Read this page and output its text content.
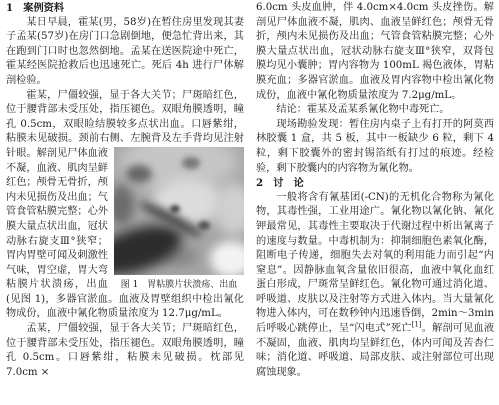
1　案例资料

某日早晨，霍某(男，58岁)在暂住房里发现其妻子孟某(57岁)在房门口急剧倒地，便急忙背出来，其在跑到门口时也忽然倒地。孟某在送医院途中死亡，霍某经医院抢救后也迅速死亡。死后 4h 进行尸体解剖检验。

图 1　胃粘膜片状溃疡、出血

霍某，尸僵较强，显于各大关节；尸斑暗红色，位于腰背部未受压处，指压褪色。双眼角膜透明，瞳孔 0.5cm，双眼睑结膜较多点状出血。口唇紫绀，粘膜未见破损。颈前右侧、左腕背及左手背均见注射针眼。解剖见尸体血液不凝，血液、肌肉呈鲜红色；颅骨无骨折，颅内未见损伤及出血；气管食管粘膜完整；心外膜大量点状出血，冠状动脉右旋支Ⅲ°狭窄；胃内胃壁可闻及刺激性气味，胃空虚，胃大弯粘膜片状溃疡，出血(见图 1)，多器官淤血。血液及胃壁组织中检出氰化物成份，血液中氰化物质量浓度为 12.7μg/mL。

孟某，尸僵较强，显于各大关节；尸斑暗红色，位于腰背部未受压处，指压褪色。双眼角膜透明，瞳孔 0.5cm。口唇紫绀，粘膜未见破损。枕部见 7.0cm ×

6.0cm 头皮血肿，伴 4.0cm×4.0cm 头皮挫伤。解剖见尸体血液不凝，肌肉、血液呈鲜红色；颅骨无骨折，颅内未见损伤及出血；气管食管粘膜完整；心外膜大量点状出血，冠状动脉右旋支Ⅲ°狭窄，双肾包膜均见小囊肿；胃内容物为 100mL 褐色液体，胃粘膜充血；多器官淤血。血液及胃内容物中检出氰化物成份，血液中氰化物质量浓度为 7.2μg/mL。

结论：霍某及孟某系氰化物中毒死亡。

现场勘验发现：暂住房内桌子上有打开的阿莫西林胶囊 1 盒，共 5 板，其中一板缺少 6 粒，剩下 4 粒，剩下胶囊外的密封锡箔纸有打过的痕迹。经检验，剩下胶囊内的内容物为氰化物。

2　讨　论

一般将含有氰基团(-CN)的无机化合物称为氰化物，其毒性强，工业用途广。氰化物以氰化钠、氰化钾最常见，其毒性主要取决于代谢过程中析出氰离子的速度与数量。中毒机制为：抑制细胞色素氧化酶，阻断电子传递，细胞失去对氧的利用能力而引起“内窒息”。因静脉血氧含量依旧很高，血液中氧化血红蛋白形成，尸斑常呈鲜红色。氰化物可通过消化道、呼吸道、皮肤以及注射等方式进入体内。当大量氰化物进入体内，可在数秒钟内迅速昏倒，2min～3min 后呼吸心跳停止，呈“闪电式”死亡[1]。解剖可见血液不凝固，血液、肌肉均呈鲜红色，体内可闻及苦杏仁味；消化道、呼吸道、局部皮肤、或注射部位可出现腐蚀现象。
